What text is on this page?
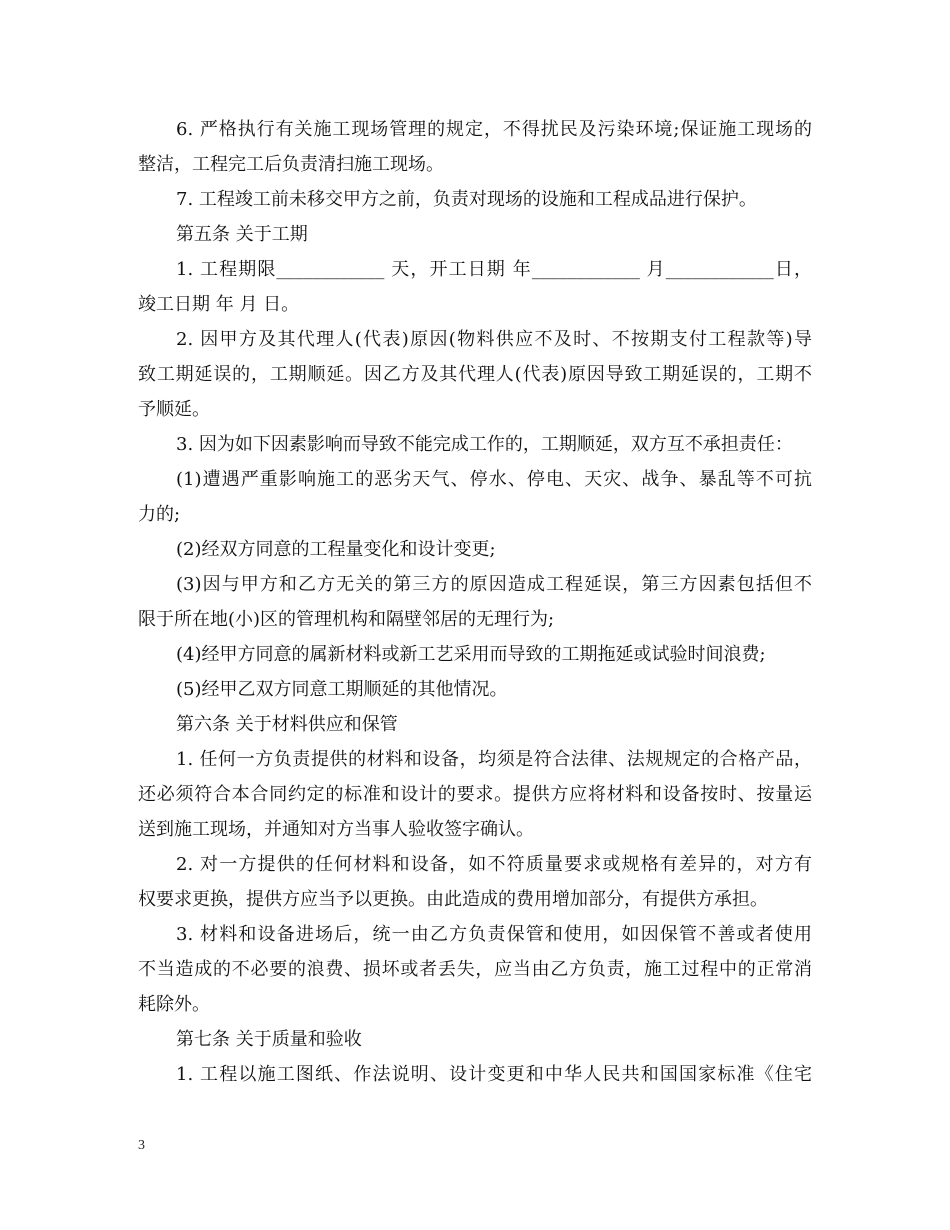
6. 严格执行有关施工现场管理的规定，不得扰民及污染环境;保证施工现场的
整洁，工程完工后负责清扫施工现场。
7. 工程竣工前未移交甲方之前，负责对现场的设施和工程成品进行保护。
第五条 关于工期
1. 工程期限____________ 天，开工日期 年____________ 月____________日，
竣工日期 年 月 日。
2. 因甲方及其代理人(代表)原因(物料供应不及时、不按期支付工程款等)导
致工期延误的，工期顺延。因乙方及其代理人(代表)原因导致工期延误的，工期不
予顺延。
3. 因为如下因素影响而导致不能完成工作的，工期顺延，双方互不承担责任：
(1)遭遇严重影响施工的恶劣天气、停水、停电、天灾、战争、暴乱等不可抗
力的;
(2)经双方同意的工程量变化和设计变更;
(3)因与甲方和乙方无关的第三方的原因造成工程延误，第三方因素包括但不
限于所在地(小)区的管理机构和隔壁邻居的无理行为;
(4)经甲方同意的属新材料或新工艺采用而导致的工期拖延或试验时间浪费;
(5)经甲乙双方同意工期顺延的其他情况。
第六条 关于材料供应和保管
1. 任何一方负责提供的材料和设备，均须是符合法律、法规规定的合格产品，
还必须符合本合同约定的标准和设计的要求。提供方应将材料和设备按时、按量运
送到施工现场，并通知对方当事人验收签字确认。
2. 对一方提供的任何材料和设备，如不符质量要求或规格有差异的，对方有
权要求更换，提供方应当予以更换。由此造成的费用增加部分，有提供方承担。
3. 材料和设备进场后，统一由乙方负责保管和使用，如因保管不善或者使用
不当造成的不必要的浪费、损坏或者丢失，应当由乙方负责，施工过程中的正常消
耗除外。
第七条 关于质量和验收
1. 工程以施工图纸、作法说明、设计变更和中华人民共和国国家标准《住宅
3
